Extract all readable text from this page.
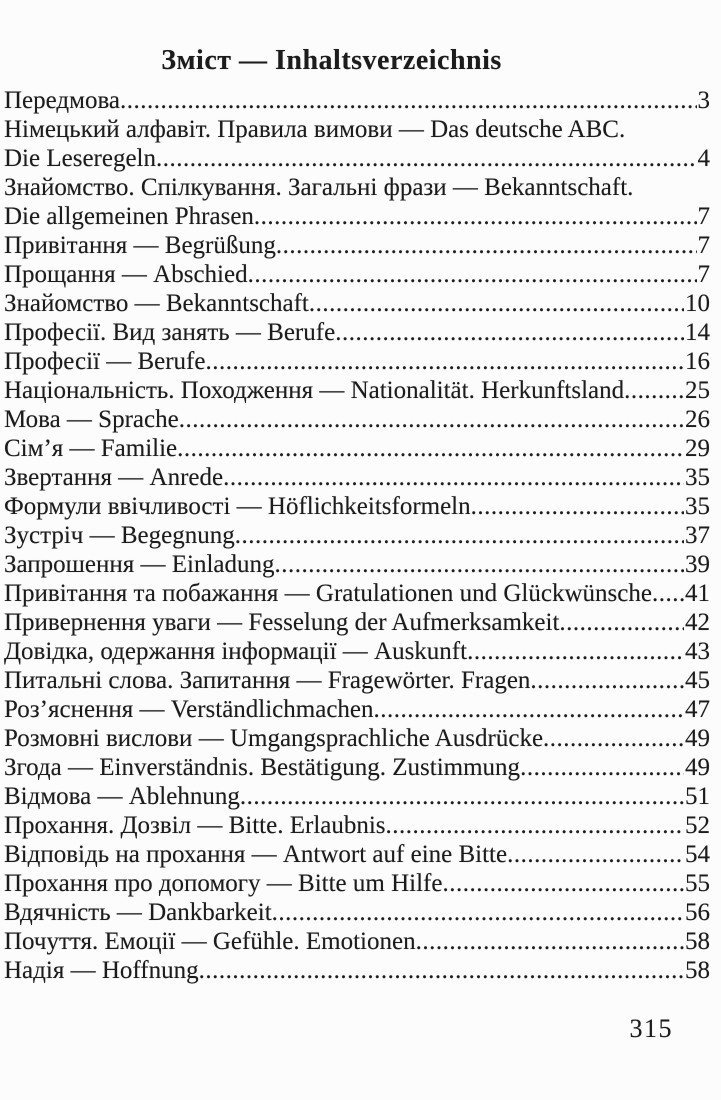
Зміст — Inhaltsverzeichnis
Передмова .....	3
Німецький алфавіт. Правила вимови — Das deutsche ABC.
Die Leseregeln .....	4
Знайомство. Спілкування. Загальні фрази — Bekanntschaft.
Die allgemeinen Phrasen .....	7
Привітання — Begrüßung .....	7
Прощання — Abschied .....	7
Знайомство — Bekanntschaft .....	10
Професії. Вид занять — Berufe .....	14
Професії — Berufe .....	16
Національність. Походження — Nationalität. Herkunftsland ..... 25
Мова — Sprache .....	26
Сім’я — Familie .....	29
Звертання — Anrede .....	35
Формули ввічливості — Höflichkeitsformeln .....	35
Зустріч — Begegnung .....	37
Запрошення — Einladung .....	39
Привітання та побажання — Gratulationen und Glückwünsche ..... 41
Привернення уваги — Fesselung der Aufmerksamkeit .....	42
Довідка, одержання інформації — Auskunft .....	43
Питальні слова. Запитання — Fragewörter. Fragen .....	45
Роз’яснення — Verständlichmachen .....	47
Розмовні вислови — Umgangsprachliche Ausdrücke .....	49
Згода — Einverständnis. Bestätigung. Zustimmung .....	49
Відмова — Ablehnung .....	51
Прохання. Дозвіл — Bitte. Erlaubnis .....	52
Відповідь на прохання — Antwort auf eine Bitte .....	54
Прохання про допомогу — Bitte um Hilfe .....	55
Вдячність — Dankbarkeit .....	56
Почуття. Емоції — Gefühle. Emotionen .....	58
Надія — Hoffnung .....	58
315
